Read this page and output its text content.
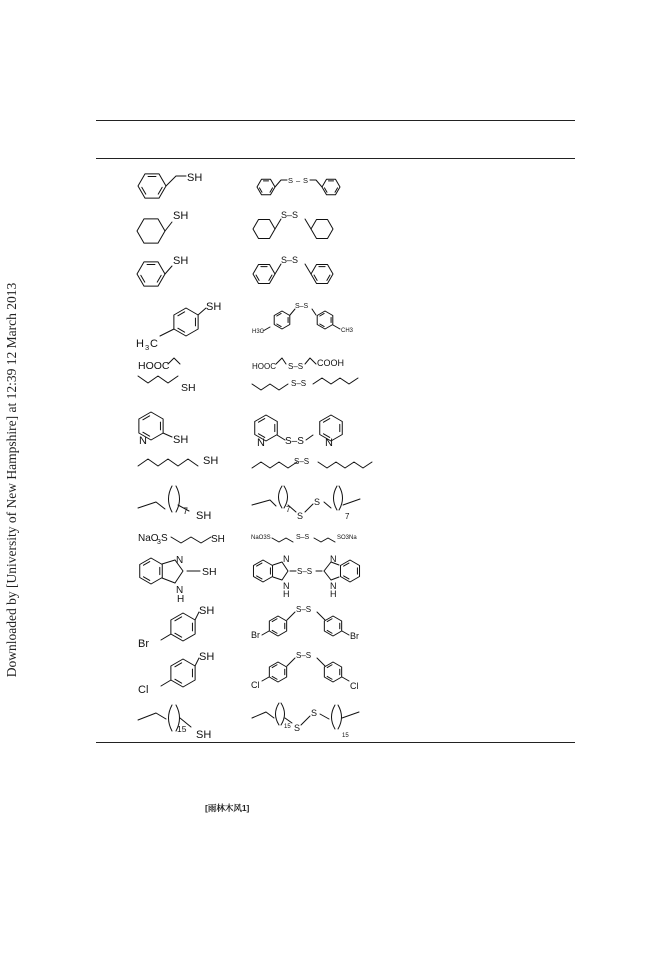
Downloaded by [University of New Hampshire] at 12:39 12 March 2013
SH	S – S
SH	S–S
SH	S–S
SH
H 3 C
H3C
S–S
CH3
HOOC	HOOC S–S COOH
SH	S–S
N SH	N S–S N
SH	S–S
7 SH
7
S
S
7
NaO
3 S	SH	NaO3S	S–S	SO3Na
N
N
H
SH
N
N
H
S–S
N
N
H
SH
Br
S–S
Br	Br
SH
Cl
S–S
Cl	Cl
15 SH
15 S
S
15
[雨林木风1]
